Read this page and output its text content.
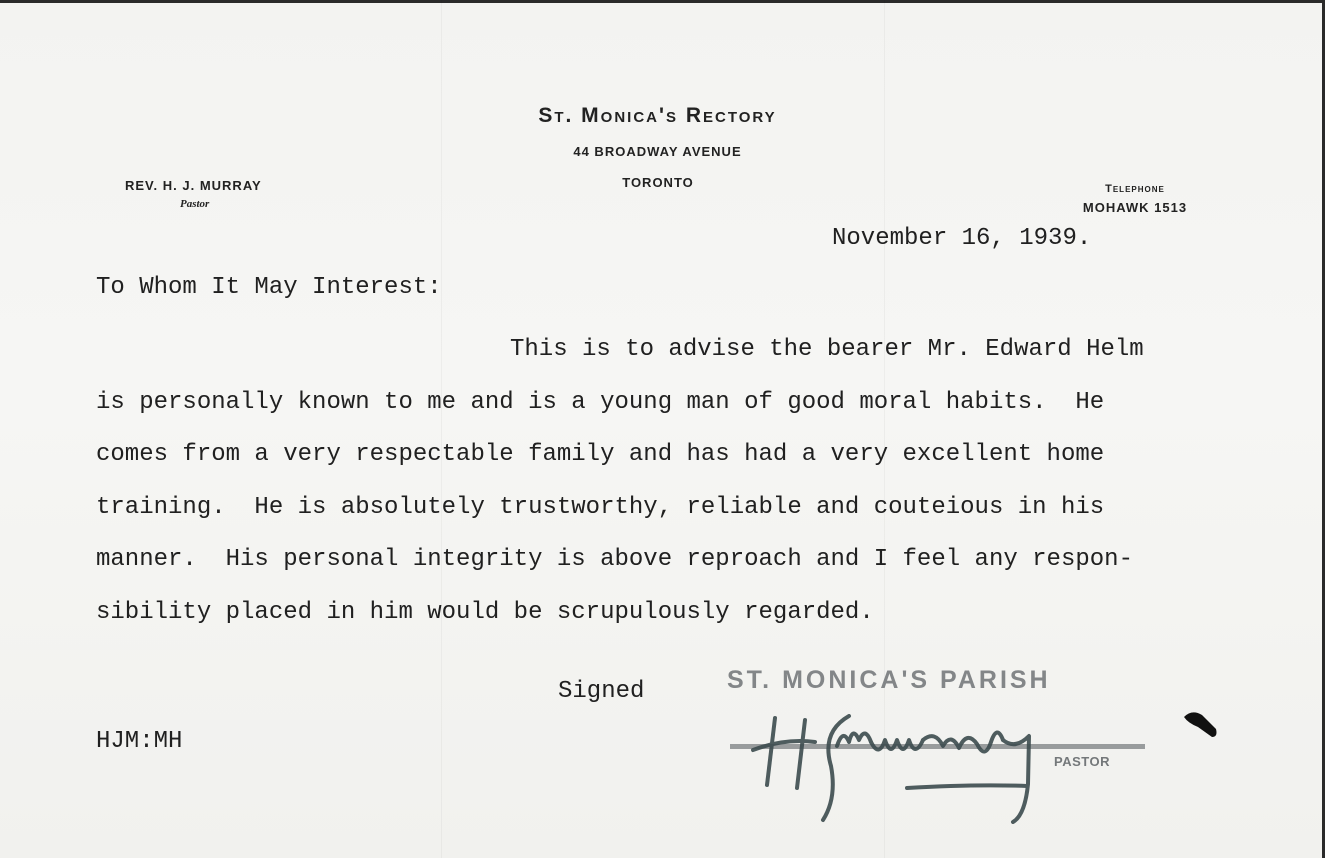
St. Monica's Rectory
44 BROADWAY AVENUE
TORONTO
REV. H. J. MURRAY
Pastor
Telephone
MOHAWK 1513
November 16, 1939.
To Whom It May Interest:
This is to advise the bearer Mr. Edward Helm
is personally known to me and is a young man of good moral habits.  He
comes from a very respectable family and has had a very excellent home
training.  He is absolutely trustworthy, reliable and couteious in his
manner.  His personal integrity is above reproach and I feel any respon-
sibility placed in him would be scrupulously regarded.
Signed
HJM:MH
ST. MONICA'S PARISH
PASTOR
